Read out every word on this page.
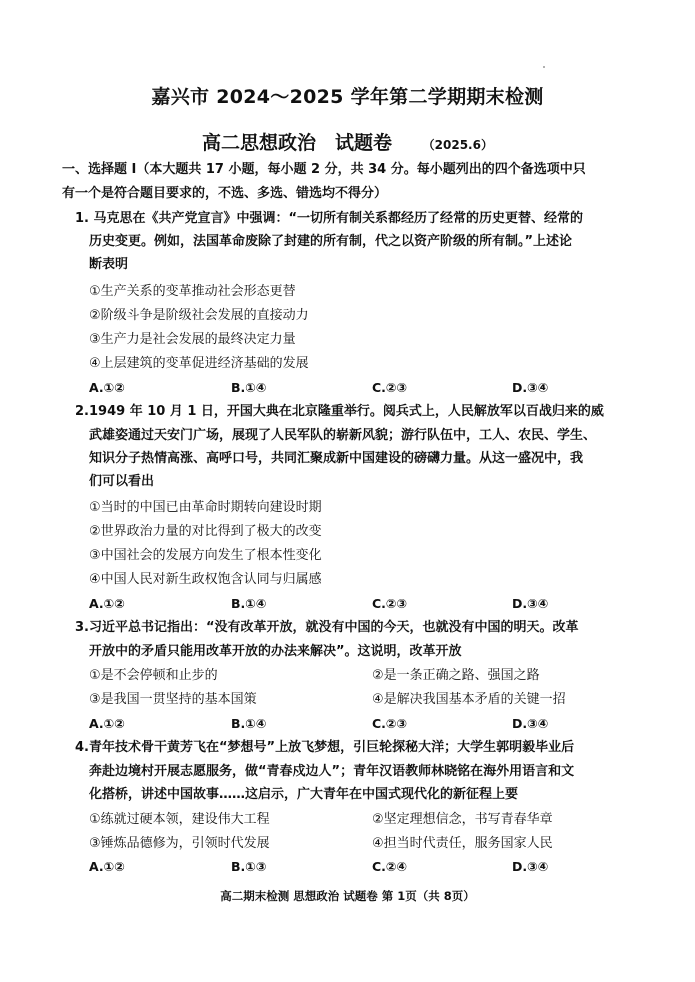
嘉兴市 2024～2025 学年第二学期期末检测
高二思想政治　试题卷	（2025.6）
一、选择题 I（本大题共 17 小题，每小题 2 分，共 34 分。每小题列出的四个备选项中只
有一个是符合题目要求的，不选、多选、错选均不得分）
1. 马克思在《共产党宣言》中强调：“一切所有制关系都经历了经常的历史更替、经常的
历史变更。例如，法国革命废除了封建的所有制，代之以资产阶级的所有制。”上述论
断表明
①生产关系的变革推动社会形态更替
②阶级斗争是阶级社会发展的直接动力
③生产力是社会发展的最终决定力量
④上层建筑的变革促进经济基础的发展
A.①②	B.①④	C.②③	D.③④
2.1949 年 10 月 1 日，开国大典在北京隆重举行。阅兵式上，人民解放军以百战归来的威
武雄姿通过天安门广场，展现了人民军队的崭新风貌；游行队伍中，工人、农民、学生、
知识分子热情高涨、高呼口号，共同汇聚成新中国建设的磅礴力量。从这一盛况中，我
们可以看出
①当时的中国已由革命时期转向建设时期
②世界政治力量的对比得到了极大的改变
③中国社会的发展方向发生了根本性变化
④中国人民对新生政权饱含认同与归属感
A.①②	B.①④	C.②③	D.③④
3.习近平总书记指出：“没有改革开放，就没有中国的今天，也就没有中国的明天。改革
开放中的矛盾只能用改革开放的办法来解决”。这说明，改革开放
①是不会停顿和止步的	②是一条正确之路、强国之路
③是我国一贯坚持的基本国策	④是解决我国基本矛盾的关键一招
A.①②	B.①④	C.②③	D.③④
4.青年技术骨干黄芳飞在“梦想号”上放飞梦想，引巨轮探秘大洋；大学生郭明毅毕业后
奔赴边境村开展志愿服务，做“青春戍边人”；青年汉语教师林晓铭在海外用语言和文
化搭桥，讲述中国故事……这启示，广大青年在中国式现代化的新征程上要
①练就过硬本领，建设伟大工程	②坚定理想信念，书写青春华章
③锤炼品德修为，引领时代发展	④担当时代责任，服务国家人民
A.①②	B.①③	C.②④	D.③④
高二期末检测 思想政治 试题卷 第 1页（共 8页）
